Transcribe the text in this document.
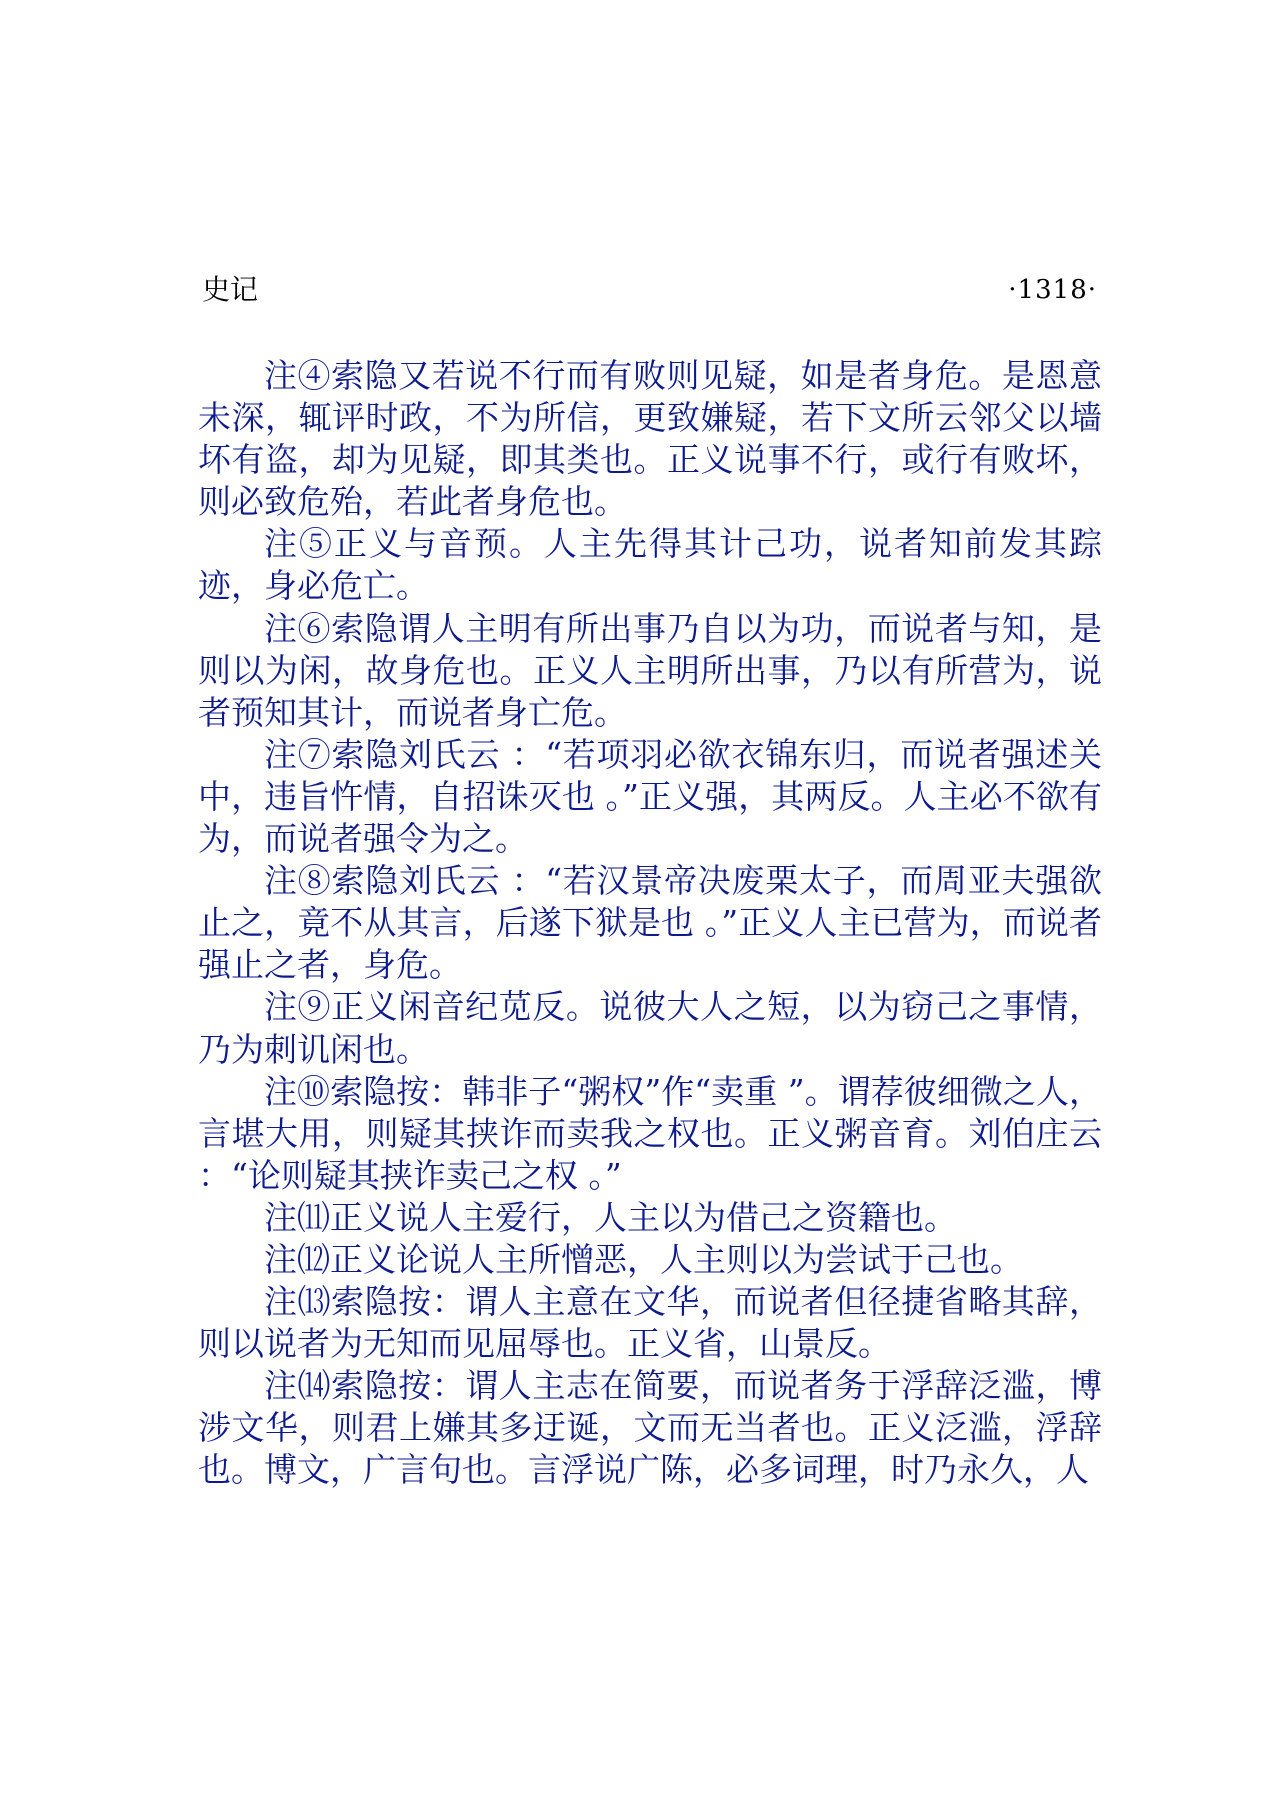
史记	·1318·

注④索隐又若说不行而有败则见疑，如是者身危。是恩意未深，辄评时政，不为所信，更致嫌疑，若下文所云邻父以墙坏有盗，却为见疑，即其类也。正义说事不行，或行有败坏，则必致危殆，若此者身危也。

注⑤正义与音预。人主先得其计己功，说者知前发其踪迹，身必危亡。

注⑥索隐谓人主明有所出事乃自以为功，而说者与知，是则以为闲，故身危也。正义人主明所出事，乃以有所营为，说者预知其计，而说者身亡危。

注⑦索隐刘氏云 ：“若项羽必欲衣锦东归，而说者强述关中，违旨忤情，自招诛灭也 。”正义强，其两反。人主必不欲有为，而说者强令为之。

注⑧索隐刘氏云 ：“若汉景帝决废栗太子，而周亚夫强欲止之，竟不从其言，后遂下狱是也 。”正义人主已营为，而说者强止之者，身危。

注⑨正义闲音纪苋反。说彼大人之短，以为窃己之事情，乃为刺讥闲也。

注⑩索隐按：韩非子“粥权”作“卖重 ”。谓荐彼细微之人，言堪大用，则疑其挟诈而卖我之权也。正义粥音育。刘伯庄云 ：“论则疑其挟诈卖己之权 。”

注⑾正义说人主爱行，人主以为借己之资籍也。

注⑿正义论说人主所憎恶，人主则以为尝试于己也。

注⒀索隐按：谓人主意在文华，而说者但径捷省略其辞，则以说者为无知而见屈辱也。正义省，山景反。

注⒁索隐按：谓人主志在简要，而说者务于浮辞泛滥，博涉文华，则君上嫌其多迂诞，文而无当者也。正义泛滥，浮辞也。博文，广言句也。言浮说广陈，必多词理，时乃永久，人
